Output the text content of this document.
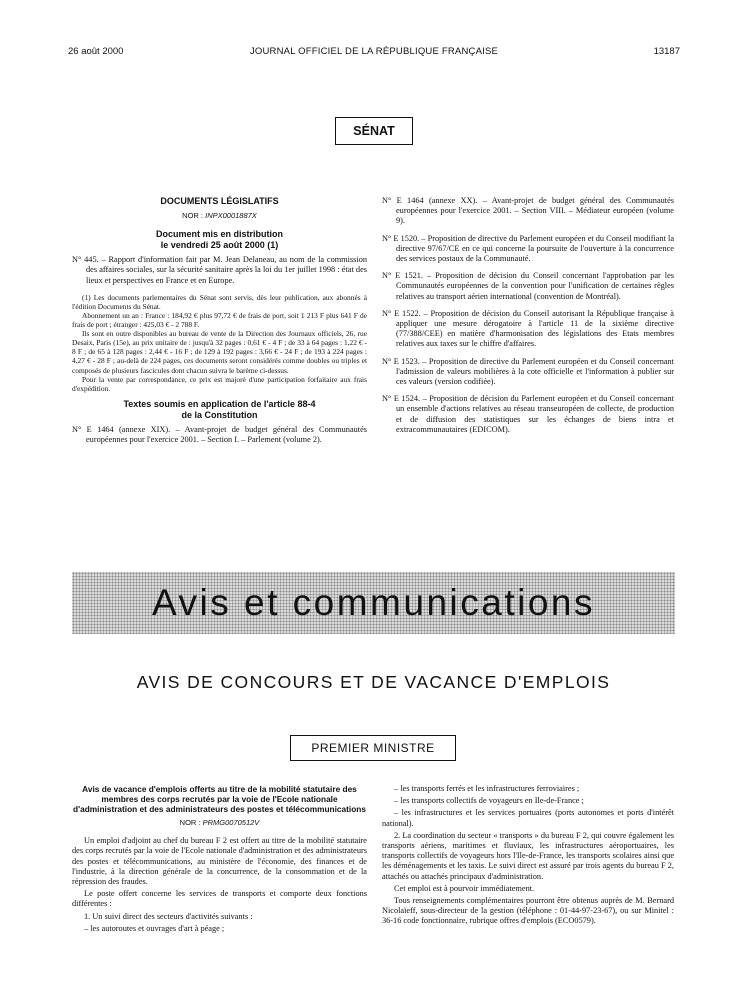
26 août 2000	JOURNAL OFFICIEL DE LA RÉPUBLIQUE FRANÇAISE	13187
SÉNAT
DOCUMENTS LÉGISLATIFS
NOR : INPX0001887X
Document mis en distribution
le vendredi 25 août 2000 (1)

N° 445. – Rapport d'information fait par M. Jean Delaneau, au nom de la commission des affaires sociales, sur la sécurité sanitaire après la loi du 1er juillet 1998 : état des lieux et perspectives en France et en Europe.

(1) Les documents parlementaires du Sénat sont servis, dès leur publication, aux abonnés à l'édition Documents du Sénat.

Abonnement un an : France : 184,92 € plus 97,72 € de frais de port, soit 1 213 F plus 641 F de frais de port ; étranger : 425,03 € - 2 788 F.

Ils sont en outre disponibles au bureau de vente de la Direction des Journaux officiels, 26, rue Desaix, Paris (15e), au prix unitaire de : jusqu'à 32 pages : 0,61 € - 4 F ; de 33 à 64 pages : 1,22 € - 8 F ; de 65 à 128 pages : 2,44 € - 16 F ; de 129 à 192 pages : 3,66 € - 24 F ; de 193 à 224 pages : 4,27 € - 28 F ; au-delà de 224 pages, ces documents seront considérés comme doubles ou triples et composés de plusieurs fascicules dont chacun suivra le barème ci-dessus.

Pour la vente par correspondance, ce prix est majoré d'une participation forfaitaire aux frais d'expédition.

Textes soumis en application de l'article 88-4
de la Constitution

N° E 1464 (annexe XIX). – Avant-projet de budget général des Communautés européennes pour l'exercice 2001. – Section I. – Parlement (volume 2).

N° E 1464 (annexe XX). – Avant-projet de budget général des Communautés européennes pour l'exercice 2001. – Section VIII. – Médiateur européen (volume 9).

N° E 1520. – Proposition de directive du Parlement européen et du Conseil modifiant la directive 97/67/CE en ce qui concerne la poursuite de l'ouverture à la concurrence des services postaux de la Communauté.

N° E 1521. – Proposition de décision du Conseil concernant l'approbation par les Communautés européennes de la convention pour l'unification de certaines règles relatives au transport aérien international (convention de Montréal).

N° E 1522. – Proposition de décision du Conseil autorisant la République française à appliquer une mesure dérogatoire à l'article 11 de la sixième directive (77/388/CEE) en matière d'harmonisation des législations des Etats membres relatives aux taxes sur le chiffre d'affaires.

N° E 1523. – Proposition de directive du Parlement européen et du Conseil concernant l'admission de valeurs mobilières à la cote officielle et l'information à publier sur ces valeurs (version codifiée).

N° E 1524. – Proposition de décision du Parlement européen et du Conseil concernant un ensemble d'actions relatives au réseau transeuropéen de collecte, de production et de diffusion des statistiques sur les échanges de biens intra et extracommunautaires (EDICOM).

Avis et communications
AVIS DE CONCOURS ET DE VACANCE D'EMPLOIS
PREMIER MINISTRE
Avis de vacance d'emplois offerts au titre de la mobilité statutaire des membres des corps recrutés par la voie de l'Ecole nationale d'administration et des administrateurs des postes et télécommunications
NOR : PRMG0070512V

Un emploi d'adjoint au chef du bureau F 2 est offert au titre de la mobilité statutaire des corps recrutés par la voie de l'Ecole nationale d'administration et des administrateurs des postes et télécommunications, au ministère de l'économie, des finances et de l'industrie, à la direction générale de la concurrence, de la consommation et de la répression des fraudes.

Le poste offert concerne les services de transports et comporte deux fonctions différentes :

1. Un suivi direct des secteurs d'activités suivants :

– les autoroutes et ouvrages d'art à péage ;

– les transports ferrés et les infrastructures ferroviaires ;

– les transports collectifs de voyageurs en Ile-de-France ;

– les infrastructures et les services portuaires (ports autonomes et ports d'intérêt national).

2. La coordination du secteur « transports » du bureau F 2, qui couvre également les transports aériens, maritimes et fluviaux, les infrastructures aéroportuaires, les transports collectifs de voyageurs hors l'Ile-de-France, les transports scolaires ainsi que les déménagements et les taxis. Le suivi direct est assuré par trois agents du bureau F 2, attachés ou attachés principaux d'administration.

Cet emploi est à pourvoir immédiatement.

Tous renseignements complémentaires pourront être obtenus auprès de M. Bernard Nicolaïeff, sous-directeur de la gestion (téléphone : 01-44-97-23-67), ou sur Minitel : 36-16 code fonctionnaire, rubrique offres d'emplois (ECO0579).
